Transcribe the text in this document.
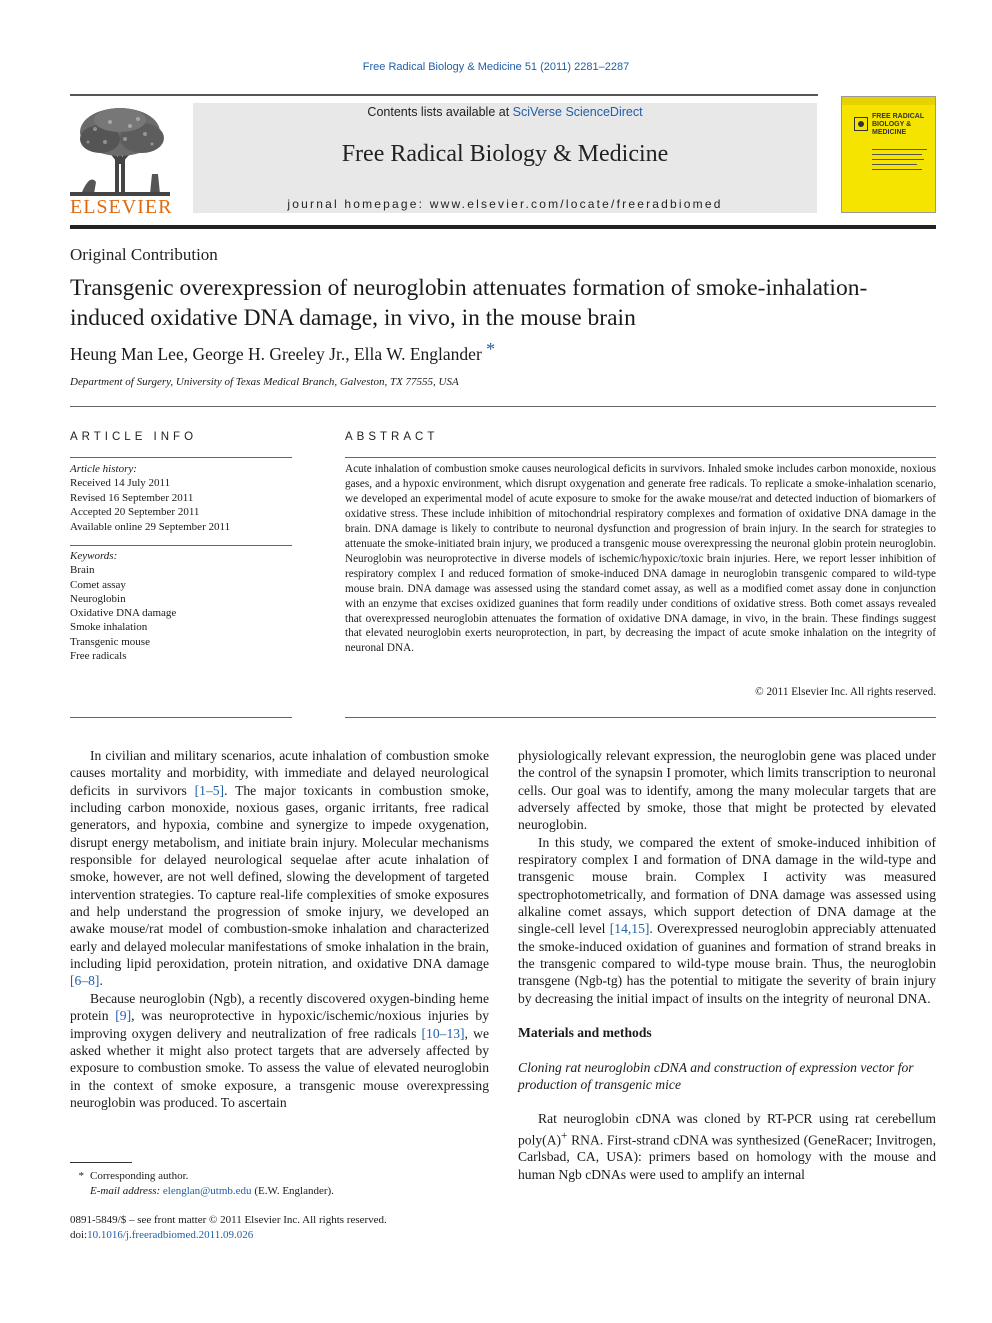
Free Radical Biology & Medicine 51 (2011) 2281–2287
ELSEVIER
Contents lists available at SciVerse ScienceDirect
Free Radical Biology & Medicine
journal homepage: www.elsevier.com/locate/freeradbiomed
FREE RADICAL BIOLOGY & MEDICINE
Original Contribution
Transgenic overexpression of neuroglobin attenuates formation of smoke-inhalation-induced oxidative DNA damage, in vivo, in the mouse brain
Heung Man Lee, George H. Greeley Jr., Ella W. Englander *
Department of Surgery, University of Texas Medical Branch, Galveston, TX 77555, USA
ARTICLE INFO
Article history:
Received 14 July 2011
Revised 16 September 2011
Accepted 20 September 2011
Available online 29 September 2011
Keywords:
Brain
Comet assay
Neuroglobin
Oxidative DNA damage
Smoke inhalation
Transgenic mouse
Free radicals
ABSTRACT
Acute inhalation of combustion smoke causes neurological deficits in survivors. Inhaled smoke includes carbon monoxide, noxious gases, and a hypoxic environment, which disrupt oxygenation and generate free radicals. To replicate a smoke-inhalation scenario, we developed an experimental model of acute exposure to smoke for the awake mouse/rat and detected induction of biomarkers of oxidative stress. These include inhibition of mitochondrial respiratory complexes and formation of oxidative DNA damage in the brain. DNA damage is likely to contribute to neuronal dysfunction and progression of brain injury. In the search for strategies to attenuate the smoke-initiated brain injury, we produced a transgenic mouse overexpressing the neuronal globin protein neuroglobin. Neuroglobin was neuroprotective in diverse models of ischemic/hypoxic/toxic brain injuries. Here, we report lesser inhibition of respiratory complex I and reduced formation of smoke-induced DNA damage in neuroglobin transgenic compared to wild-type mouse brain. DNA damage was assessed using the standard comet assay, as well as a modified comet assay done in conjunction with an enzyme that excises oxidized guanines that form readily under conditions of oxidative stress. Both comet assays revealed that overexpressed neuroglobin attenuates the formation of oxidative DNA damage, in vivo, in the brain. These findings suggest that elevated neuroglobin exerts neuroprotection, in part, by decreasing the impact of acute smoke inhalation on the integrity of neuronal DNA.
© 2011 Elsevier Inc. All rights reserved.

In civilian and military scenarios, acute inhalation of combustion smoke causes mortality and morbidity, with immediate and delayed neurological deficits in survivors [1–5]. The major toxicants in combustion smoke, including carbon monoxide, noxious gases, organic irritants, free radical generators, and hypoxia, combine and synergize to impede oxygenation, disrupt energy metabolism, and initiate brain injury. Molecular mechanisms responsible for delayed neurological sequelae after acute inhalation of smoke, however, are not well defined, slowing the development of targeted intervention strategies. To capture real-life complexities of smoke exposures and help understand the progression of smoke injury, we developed an awake mouse/rat model of combustion-smoke inhalation and characterized early and delayed molecular manifestations of smoke inhalation in the brain, including lipid peroxidation, protein nitration, and oxidative DNA damage [6–8].

Because neuroglobin (Ngb), a recently discovered oxygen-binding heme protein [9], was neuroprotective in hypoxic/ischemic/noxious injuries by improving oxygen delivery and neutralization of free radicals [10–13], we asked whether it might also protect targets that are adversely affected by exposure to combustion smoke. To assess the value of elevated neuroglobin in the context of smoke exposure, a transgenic mouse overexpressing neuroglobin was produced. To ascertain

physiologically relevant expression, the neuroglobin gene was placed under the control of the synapsin I promoter, which limits transcription to neuronal cells. Our goal was to identify, among the many molecular targets that are adversely affected by smoke, those that might be protected by elevated neuroglobin.

In this study, we compared the extent of smoke-induced inhibition of respiratory complex I and formation of DNA damage in the wild-type and transgenic mouse brain. Complex I activity was measured spectrophotometrically, and formation of DNA damage was assessed using alkaline comet assays, which support detection of DNA damage at the single-cell level [14,15]. Overexpressed neuroglobin appreciably attenuated the smoke-induced oxidation of guanines and formation of strand breaks in the transgenic compared to wild-type mouse brain. Thus, the neuroglobin transgene (Ngb-tg) has the potential to mitigate the severity of brain injury by decreasing the initial impact of insults on the integrity of neuronal DNA.

Materials and methods
Cloning rat neuroglobin cDNA and construction of expression vector for production of transgenic mice

Rat neuroglobin cDNA was cloned by RT-PCR using rat cerebellum poly(A)+ RNA. First-strand cDNA was synthesized (GeneRacer; Invitrogen, Carlsbad, CA, USA): primers based on homology with the mouse and human Ngb cDNAs were used to amplify an internal

* Corresponding author.
E-mail address: elenglan@utmb.edu (E.W. Englander).
0891-5849/$ – see front matter © 2011 Elsevier Inc. All rights reserved.
doi:10.1016/j.freeradbiomed.2011.09.026
